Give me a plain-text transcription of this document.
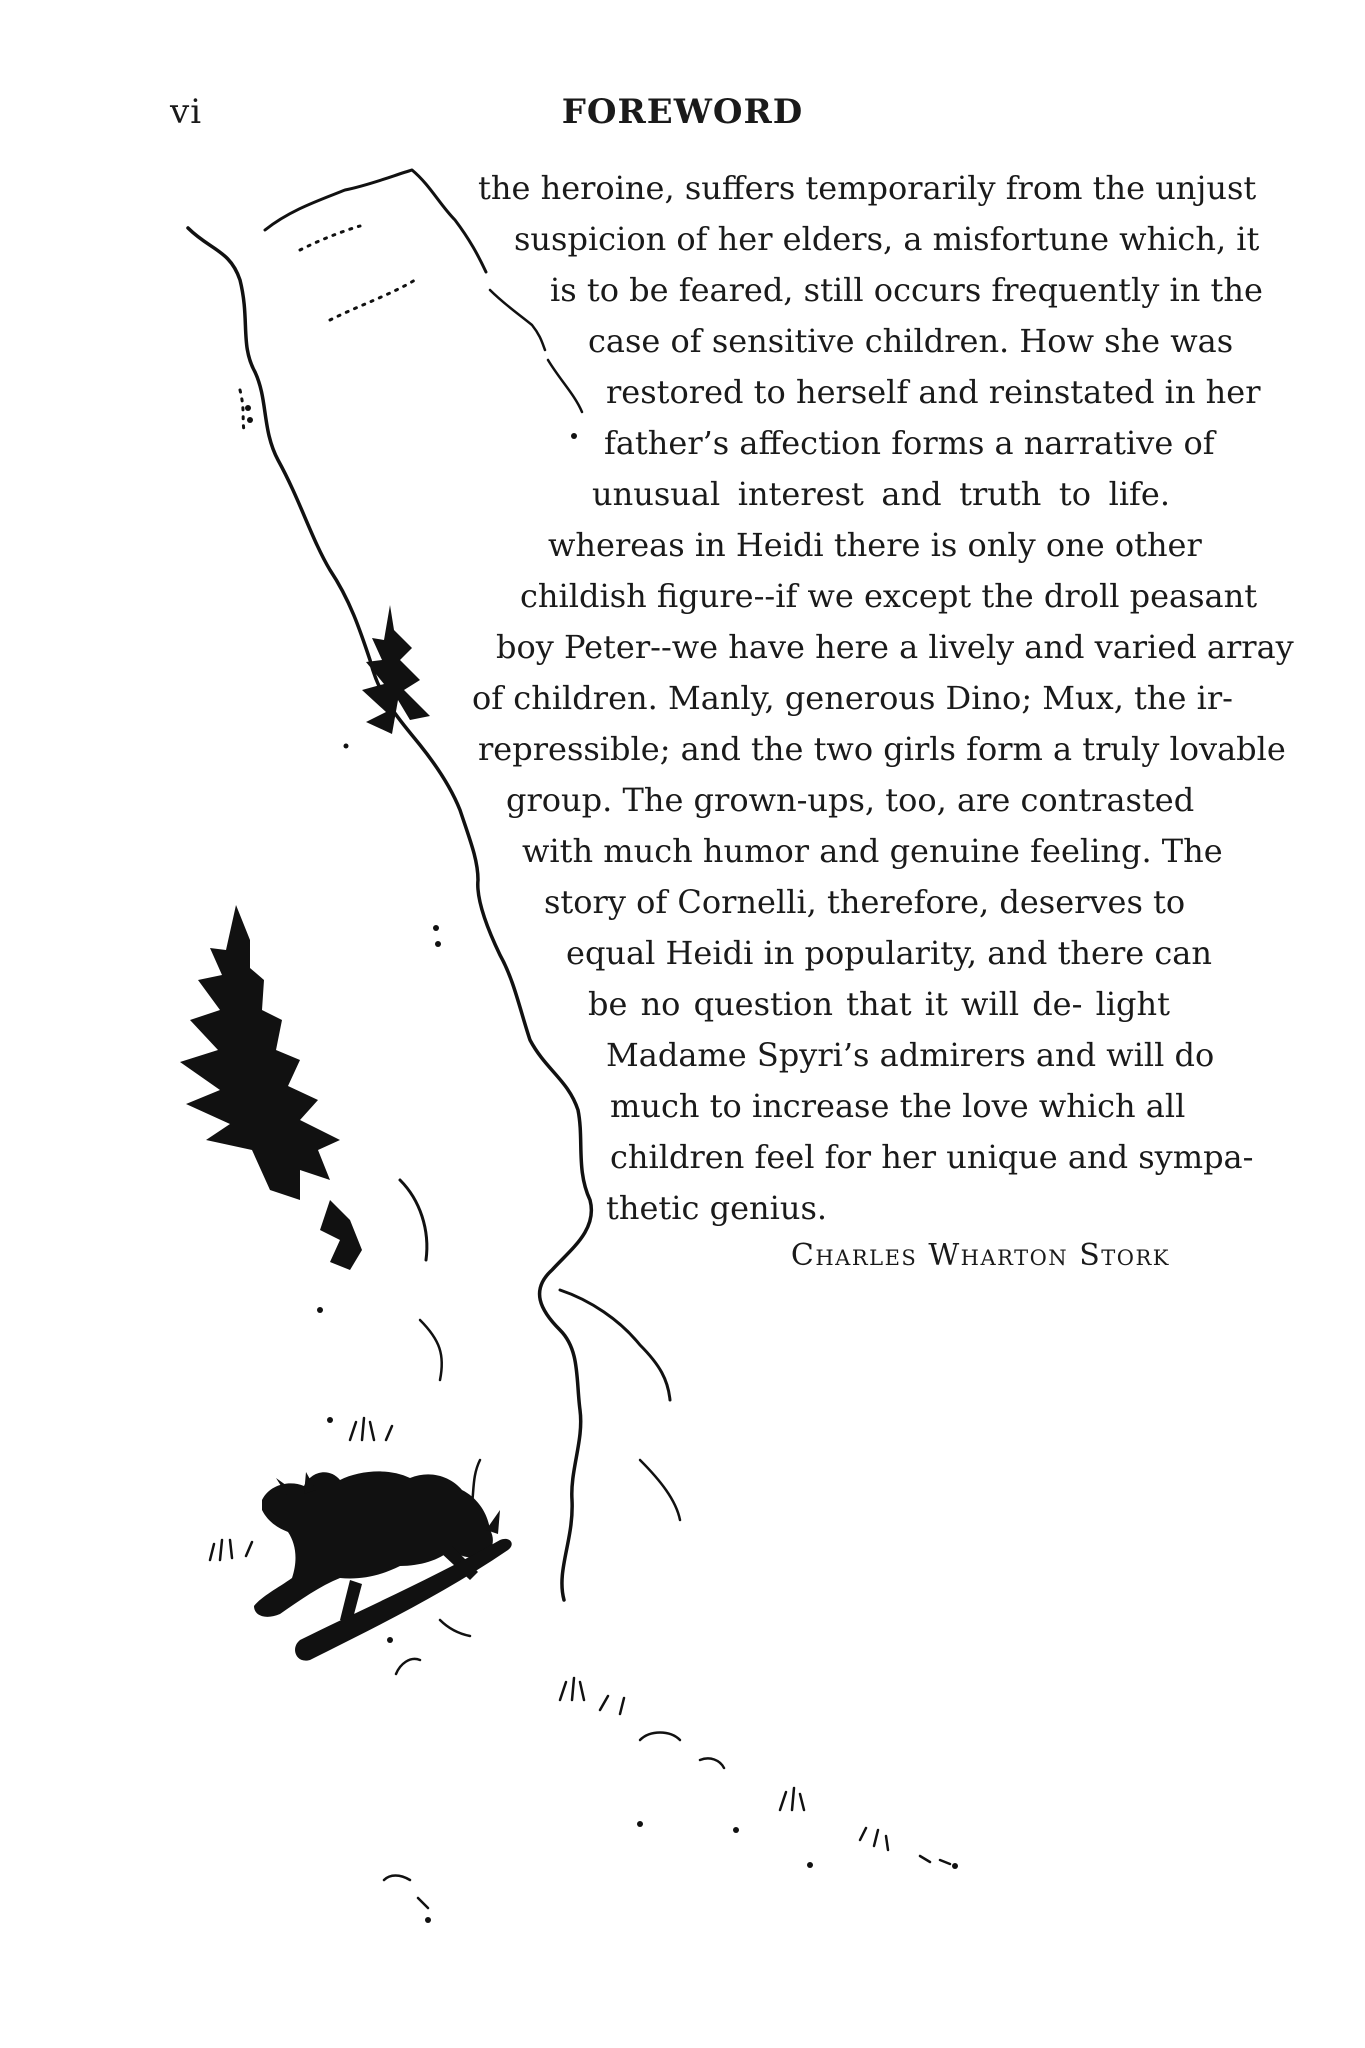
vi	FOREWORD
the heroine, suffers temporarily from the unjust
suspicion of her elders, a misfortune which, it
is to be feared, still occurs frequently in the
case of sensitive children. How she was
restored to herself and reinstated in her
father’s affection forms a narrative of
unusual interest and truth to life.
whereas in Heidi there is only one other
childish figure--if we except the droll peasant
boy Peter--we have here a lively and varied array
of children. Manly, generous Dino; Mux, the ir-
repressible; and the two girls form a truly lovable
group. The grown-ups, too, are contrasted
with much humor and genuine feeling. The
story of Cornelli, therefore, deserves to
equal Heidi in popularity, and there can
be no question that it will de- light
Madame Spyri’s admirers and will do
much to increase the love which all
children feel for her unique and sympa-
thetic genius.
Charles Wharton Stork
